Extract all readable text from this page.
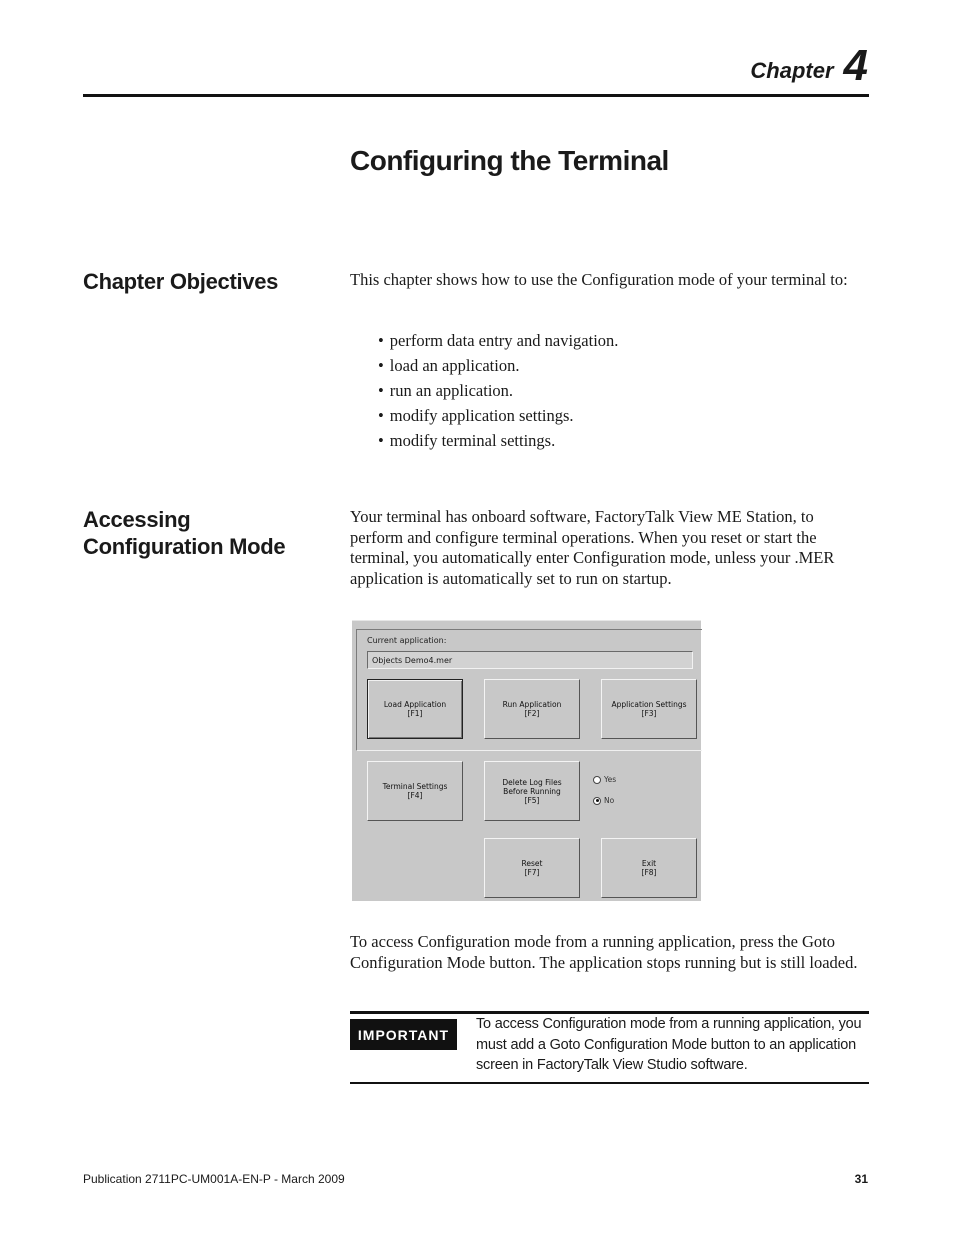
Chapter 4
Configuring the Terminal
Chapter Objectives	This chapter shows how to use the Configuration mode of your terminal to:

• perform data entry and navigation.
• load an application.
• run an application.
• modify application settings.
• modify terminal settings.
Accessing Configuration Mode

Your terminal has onboard software, FactoryTalk View ME Station, to perform and configure terminal operations. When you reset or start the terminal, you automatically enter Configuration mode, unless your .MER application is automatically set to run on startup.

Current application:
Objects Demo4.mer
Load Application
[F1]
Run Application
[F2]
Application Settings
[F3]
Terminal Settings
[F4]
Delete Log Files
Before Running
[F5]
Yes
No
Reset
[F7]
Exit
[F8]

To access Configuration mode from a running application, press the Goto Configuration Mode button. The application stops running but is still loaded.

IMPORTANT

To access Configuration mode from a running application, you must add a Goto Configuration Mode button to an application screen in FactoryTalk View Studio software.

Publication 2711PC-UM001A-EN-P - March 2009	31
